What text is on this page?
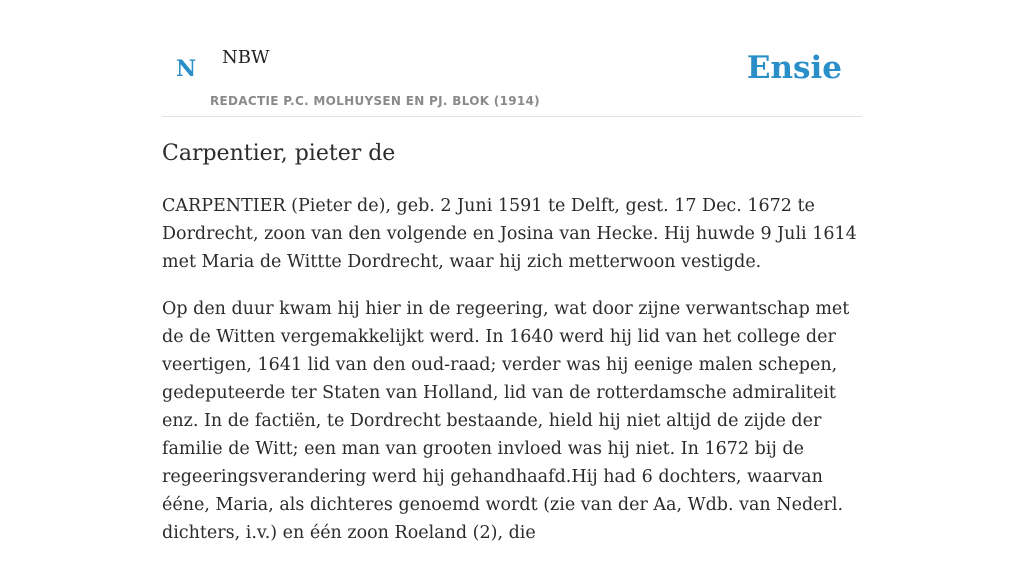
N NBW
REDACTIE P.C. MOLHUYSEN EN PJ. BLOK (1914)
Ensie
Carpentier, pieter de

CARPENTIER (Pieter de), geb. 2 Juni 1591 te Delft, gest. 17 Dec. 1672 te Dordrecht, zoon van den volgende en Josina van Hecke. Hij huwde 9 Juli 1614 met Maria de Wittte Dordrecht, waar hij zich metterwoon vestigde.

Op den duur kwam hij hier in de regeering, wat door zijne verwantschap met de de Witten vergemakkelijkt werd. In 1640 werd hij lid van het college der veertigen, 1641 lid van den oud-raad; verder was hij eenige malen schepen, gedeputeerde ter Staten van Holland, lid van de rotterdamsche admiraliteit enz. In de factiën, te Dordrecht bestaande, hield hij niet altijd de zijde der familie de Witt; een man van grooten invloed was hij niet. In 1672 bij de regeeringsverandering werd hij gehandhaafd.Hij had 6 dochters, waarvan ééne, Maria, als dichteres genoemd wordt (zie van der Aa, Wdb. van Nederl. dichters, i.v.) en één zoon Roeland (2), die
